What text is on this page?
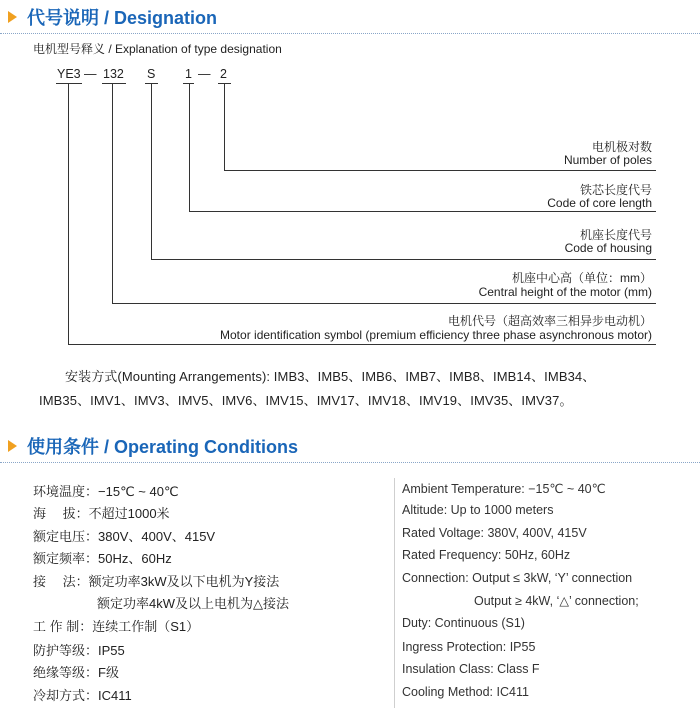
代号说明 / Designation
电机型号释义 / Explanation of type designation
YE3 — 132 S 1 — 2
电机极对数
Number of poles
铁芯长度代号
Code of core length
机座长度代号
Code of housing
机座中心高（单位：mm）
Central height of the motor (mm)
电机代号（超高效率三相异步电动机）
Motor identification symbol (premium efficiency three phase asynchronous motor)
安装方式(Mounting Arrangements): IMB3、IMB5、IMB6、IMB7、IMB8、IMB14、IMB34、
IMB35、IMV1、IMV3、IMV5、IMV6、IMV15、IMV17、IMV18、IMV19、IMV35、IMV37。
使用条件 / Operating Conditions
环境温度：−15℃ ~ 40℃
海　 拔：不超过1000米
额定电压：380V、400V、415V
额定频率：50Hz、60Hz
接　 法：额定功率3kW及以下电机为Y接法
额定功率4kW及以上电机为△接法
工 作 制：连续工作制（S1）
防护等级：IP55
绝缘等级：F级
冷却方式：IC411
Ambient Temperature: −15℃ ~ 40℃
Altitude: Up to 1000 meters
Rated Voltage: 380V, 400V, 415V
Rated Frequency: 50Hz, 60Hz
Connection: Output ≤ 3kW, ‘Y’ connection
Output ≥ 4kW, ‘△’ connection;
Duty: Continuous (S1)
Ingress Protection: IP55
Insulation Class: Class F
Cooling Method: IC411
